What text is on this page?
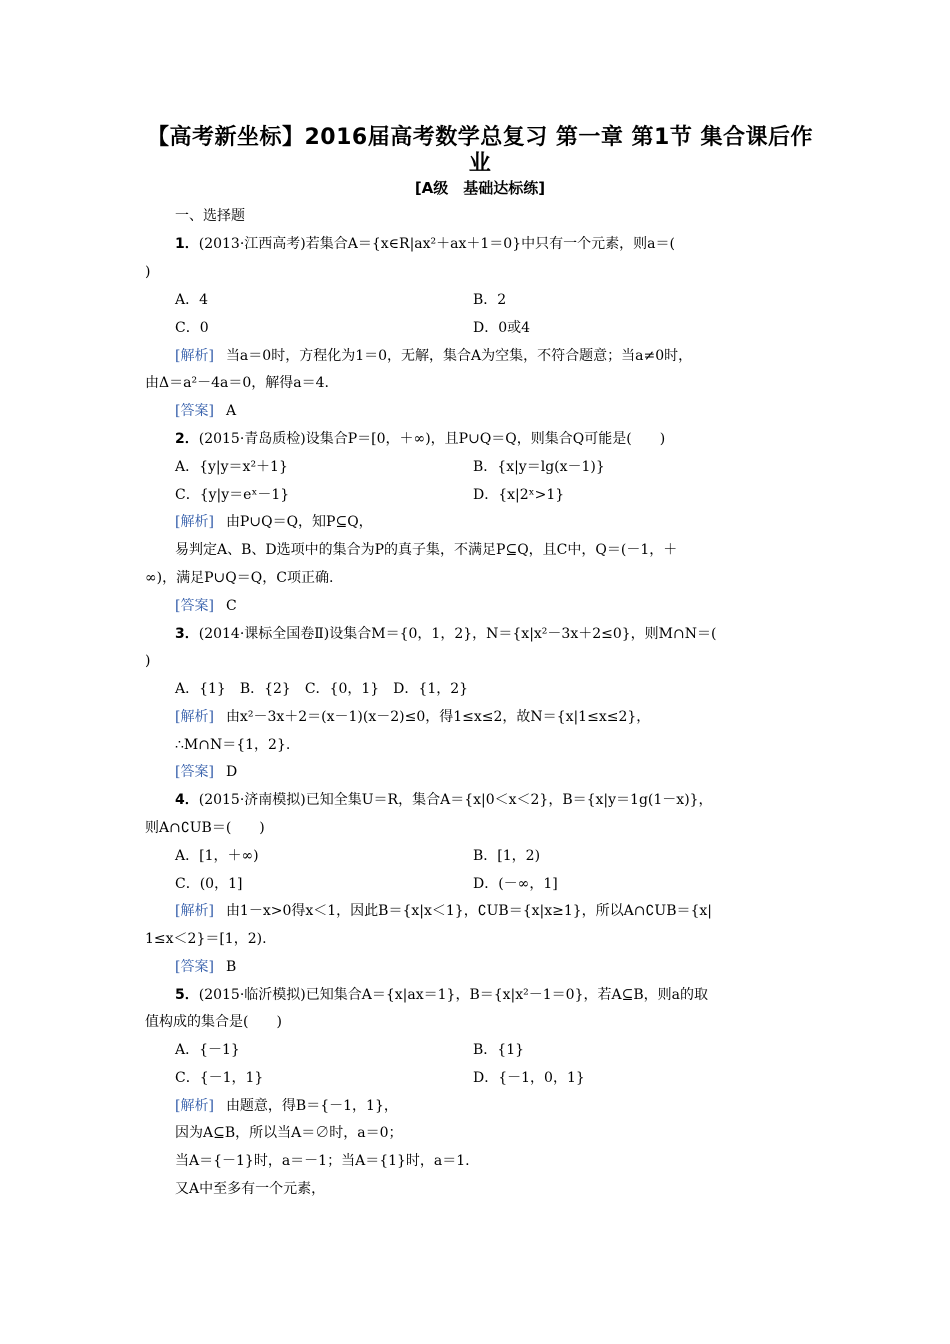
【高考新坐标】2016届高考数学总复习 第一章 第1节 集合课后作
业
[A级　基础达标练]
一、选择题
1．(2013·江西高考)若集合A＝{x∈R|ax²＋ax＋1＝0}中只有一个元素，则a＝(
)
A．4	B．2
C．0	D．0或4
[解析] 当a＝0时，方程化为1＝0，无解，集合A为空集，不符合题意；当a≠0时，
由Δ＝a²－4a＝0，解得a＝4.
[答案] A
2．(2015·青岛质检)设集合P＝[0，＋∞)，且P∪Q＝Q，则集合Q可能是(　　)
A．{y|y＝x²＋1}	B．{x|y＝lg(x－1)}
C．{y|y＝eˣ－1}	D．{x|2ˣ>1}
[解析] 由P∪Q＝Q，知P⊆Q，
易判定A、B、D选项中的集合为P的真子集，不满足P⊆Q，且C中，Q＝(－1，＋
∞)，满足P∪Q＝Q，C项正确.
[答案] C
3．(2014·课标全国卷Ⅱ)设集合M＝{0，1，2}，N＝{x|x²－3x＋2≤0}，则M∩N＝(
)
A．{1}　B．{2}　C．{0，1}　D．{1，2}
[解析] 由x²－3x＋2＝(x－1)(x－2)≤0，得1≤x≤2，故N＝{x|1≤x≤2}，
∴M∩N＝{1，2}.
[答案] D
4．(2015·济南模拟)已知全集U＝R，集合A＝{x|0＜x＜2}，B＝{x|y＝1g(1－x)}，
则A∩∁UB＝(　　)
A．[1，＋∞)	B．[1，2)
C．(0，1]	D．(－∞，1]
[解析] 由1－x>0得x＜1，因此B＝{x|x＜1}，∁UB＝{x|x≥1}，所以A∩∁UB＝{x|
1≤x＜2}＝[1，2).
[答案] B
5．(2015·临沂模拟)已知集合A＝{x|ax＝1}，B＝{x|x²－1＝0}，若A⊆B，则a的取
值构成的集合是(　　)
A．{－1}	B．{1}
C．{－1，1}	D．{－1，0，1}
[解析] 由题意，得B＝{－1，1}，
因为A⊆B，所以当A＝∅时，a＝0；
当A＝{－1}时，a＝－1；当A＝{1}时，a＝1.
又A中至多有一个元素，
